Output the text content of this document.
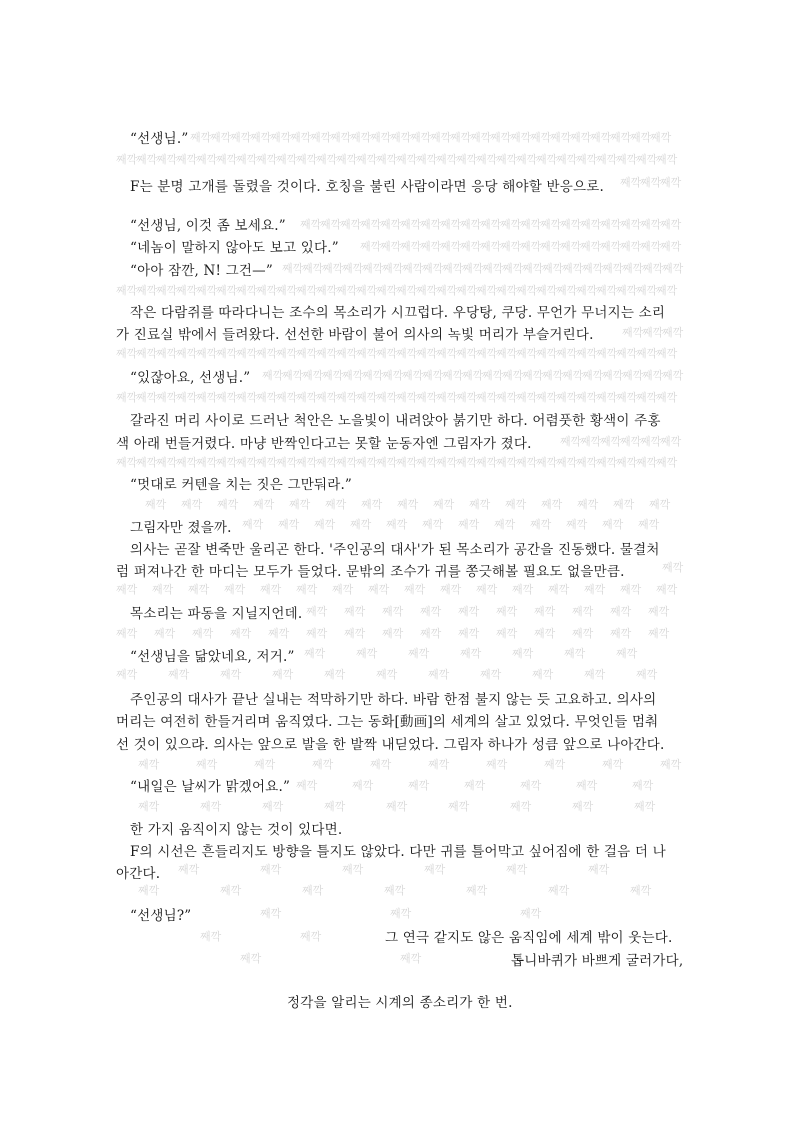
째깍
째깍
째깍
째깍
째깍
째깍
째깍
째깍
째깍
째깍
째깍
째깍
째깍
째깍
째깍
째깍
째깍
째깍
째깍
째깍
째깍
째깍
째깍
째깍
째깍
째깍
째깍
째깍
째깍
째깍
째깍
째깍
째깍
째깍
째깍
째깍
째깍
째깍
째깍
째깍
째깍
째깍
째깍
째깍
째깍
째깍
째깍
째깍
째깍
째깍
째깍
째깍
째깍
째깍
째깍
째깍
째깍
째깍
째깍
째깍
째깍
째깍
째깍
째깍
째깍
째깍
째깍
째깍
째깍
째깍
째깍
째깍
째깍
째깍
째깍
째깍
째깍
째깍
째깍
째깍
째깍
째깍
째깍
째깍
째깍
째깍
째깍
째깍
째깍
째깍
째깍
째깍
째깍
째깍
째깍
째깍
째깍
째깍
째깍
째깍
째깍
째깍
째깍
째깍
째깍
째깍
째깍
째깍
째깍
째깍
째깍
째깍
째깍
째깍
째깍
째깍
째깍
째깍
째깍
째깍
째깍
째깍
째깍
째깍
째깍
째깍
째깍
째깍
째깍
째깍
째깍
째깍
째깍
째깍
째깍
째깍
째깍
째깍
째깍
째깍
째깍
째깍
째깍
째깍
째깍
째깍
째깍
째깍
째깍
째깍
째깍
째깍
째깍
째깍
째깍
째깍
째깍
째깍
째깍
째깍
째깍
째깍
째깍
째깍
째깍
째깍
째깍
째깍
째깍
째깍
째깍
째깍
째깍
째깍
째깍
째깍
째깍
째깍
째깍
째깍
째깍
째깍
째깍
째깍
째깍
째깍
째깍
째깍
째깍
째깍
째깍
째깍
째깍
째깍
째깍
째깍
째깍
째깍
째깍
째깍
째깍
째깍
째깍
째깍
째깍
째깍
째깍
째깍
째깍
째깍
째깍
째깍
째깍
째깍
째깍
째깍
째깍
째깍
째깍
째깍
째깍
째깍
째깍
째깍
째깍
째깍
째깍
째깍
째깍
째깍
째깍
째깍
째깍
째깍
째깍
째깍
째깍
째깍
째깍
째깍
째깍
째깍
째깍
째깍
째깍
째깍
째깍
째깍
째깍
째깍
째깍
째깍
째깍 째깍 째깍 째깍 째깍 째깍 째깍 째깍 째깍 째깍 째깍 째깍 째깍 째깍 째깍
째깍 째깍 째깍 째깍 째깍 째깍 째깍 째깍 째깍 째깍 째깍 째깍
째깍
째깍 째깍 째깍 째깍 째깍 째깍 째깍 째깍 째깍 째깍 째깍 째깍 째깍 째깍 째깍 째깍
째깍 째깍 째깍 째깍 째깍 째깍 째깍 째깍 째깍 째깍
째깍 째깍 째깍 째깍 째깍 째깍 째깍 째깍 째깍 째깍 째깍 째깍 째깍 째깍 째깍
째깍	째깍	째깍	째깍	째깍	째깍	째깍
째깍	째깍	째깍	째깍	째깍	째깍	째깍	째깍	째깍	째깍	째깍
째깍	째깍	째깍	째깍	째깍	째깍	째깍	째깍	째깍	째깍
째깍	째깍	째깍	째깍	째깍	째깍	째깍
째깍	째깍	째깍	째깍	째깍	째깍	째깍	째깍	째깍
째깍	째깍	째깍	째깍	째깍	째깍
째깍	째깍	째깍	째깍	째깍	째깍	째깍
째깍	째깍	째깍
째깍	째깍
째깍	째깍
“선생님.”
F는 분명 고개를 돌렸을 것이다. 호칭을 불린 사람이라면 응당 해야할 반응으로.
“선생님, 이것 좀 보세요.”
“네놈이 말하지 않아도 보고 있다.”
“아아 잠깐, N! 그건—”
작은 다람쥐를 따라다니는 조수의 목소리가 시끄럽다. 우당탕, 쿠당. 무언가 무너지는 소리
가 진료실 밖에서 들려왔다. 선선한 바람이 불어 의사의 녹빛 머리가 부슬거린다.
“있잖아요, 선생님.”
갈라진 머리 사이로 드러난 척안은 노을빛이 내려앉아 붉기만 하다. 어렴풋한 황색이 주홍
색 아래 번들거렸다. 마냥 반짝인다고는 못할 눈동자엔 그림자가 졌다.
“멋대로 커텐을 치는 짓은 그만둬라.”
그림자만 졌을까.
의사는 곧잘 변죽만 울리곤 한다. '주인공의 대사'가 된 목소리가 공간을 진동했다. 물결처
럼 퍼져나간 한 마디는 모두가 들었다. 문밖의 조수가 귀를 쫑긋해볼 필요도 없을만큼.
목소리는 파동을 지닐지언데.
“선생님을 닮았네요, 저거.”
주인공의 대사가 끝난 실내는 적막하기만 하다. 바람 한점 불지 않는 듯 고요하고. 의사의
머리는 여전히 한들거리며 움직였다. 그는 동화[動画]의 세계의 살고 있었다. 무엇인들 멈춰
선 것이 있으랴. 의사는 앞으로 발을 한 발짝 내딛었다. 그림자 하나가 성큼 앞으로 나아간다.
“내일은 날씨가 맑겠어요.”
한 가지 움직이지 않는 것이 있다면.
F의 시선은 흔들리지도 방향을 틀지도 않았다. 다만 귀를 틀어막고 싶어짐에 한 걸음 더 나
아간다.
“선생님?”
그 연극 같지도 않은 움직임에 세계 밖이 웃는다.
톱니바퀴가 바쁘게 굴러가다,
정각을 알리는 시계의 종소리가 한 번.
